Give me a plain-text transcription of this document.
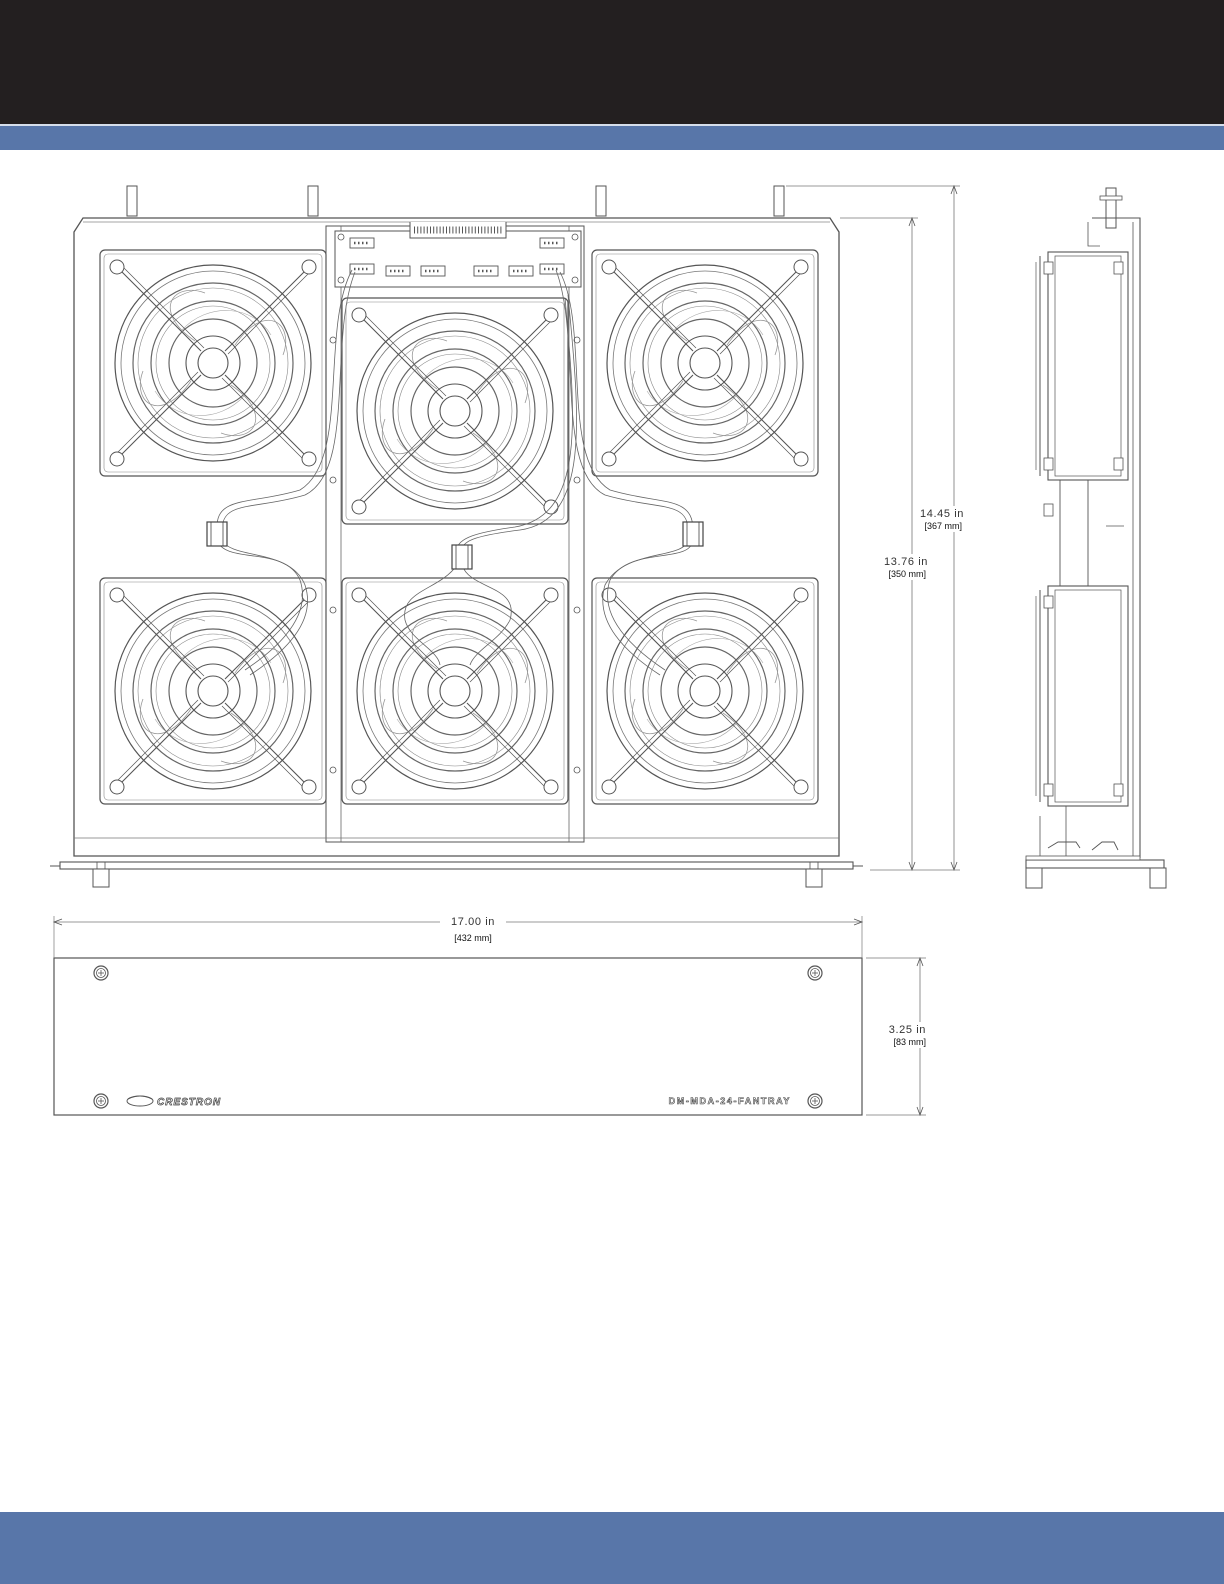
14.45 in
[367 mm]
13.76 in
[350 mm]
CRESTRON	DM-MDA-24-FANTRAY
17.00 in
[432 mm]
3.25 in
[83 mm]
